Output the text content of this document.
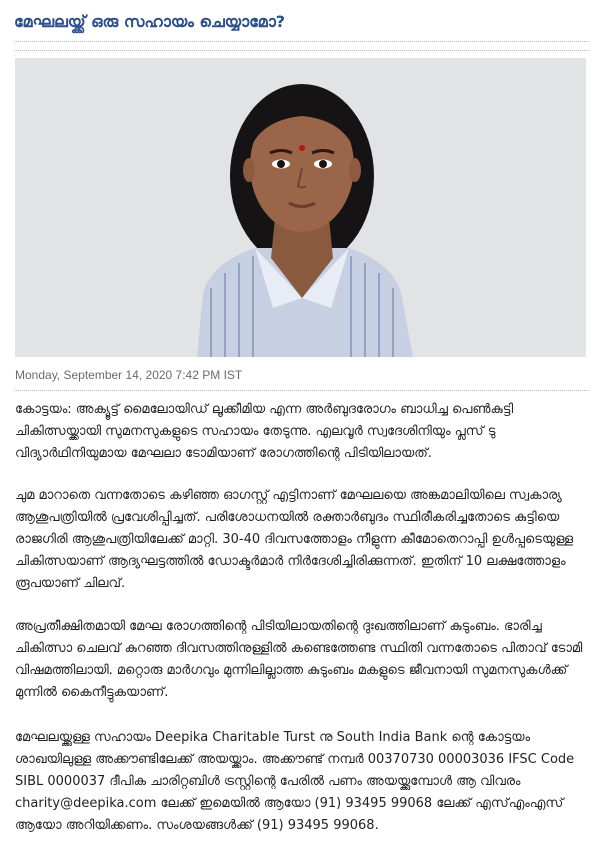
മേഘലയ്ക്ക് ഒരു സഹായം ചെയ്യാമോ?
Monday, September 14, 2020 7:42 PM IST

കോട്ടയം: അക്യൂട്ട് മൈലോയിഡ് ലൂക്കീമിയ എന്ന അർബുദരോഗം ബാധിച്ച പെൺകുട്ടി ചികിത്സയ്ക്കായി സുമനസുകളുടെ സഹായം തേടുന്നു. എലവൂർ സ്വദേശിനിയും പ്ലസ് ടു വിദ്യാർഥിനിയുമായ മേഘലാ ടോമിയാണ് രോഗത്തിന്റെ പിടിയിലായത്.

ചുമ മാറാതെ വന്നതോടെ കഴിഞ്ഞ ഓഗസ്റ്റ് എട്ടിനാണ് മേഘലയെ അങ്കമാലിയിലെ സ്വകാര്യ ആശുപത്രിയിൽ പ്രവേശിപ്പിച്ചത്. പരിശോധനയിൽ രക്താർബുദം സ്ഥിരീകരിച്ചതോടെ കുട്ടിയെ രാജഗിരി ആശുപത്രിയിലേക്ക് മാറ്റി. 30-40 ദിവസത്തോളം നീളുന്ന കീമോതെറാപ്പി ഉൾപ്പടെയുള്ള ചികിത്സയാണ് ആദ്യഘട്ടത്തിൽ ഡോക്ടർമാർ നിർദേശിച്ചിരിക്കുന്നത്. ഇതിന് 10 ലക്ഷത്തോളം രൂപയാണ് ചിലവ്.

അപ്രതീക്ഷിതമായി മേഘ രോഗത്തിന്റെ പിടിയിലായതിന്റെ ദുഃഖത്തിലാണ് കുടുംബം. ഭാരിച്ച ചികിത്സാ ചെലവ് കുറഞ്ഞ ദിവസത്തിനുള്ളിൽ കണ്ടെത്തേണ്ട സ്ഥിതി വന്നതോടെ പിതാവ് ടോമി വിഷമത്തിലായി. മറ്റൊരു മാർഗവും മുന്നിലില്ലാത്ത കുടുംബം മകളുടെ ജീവനായി സുമനസുകൾക്ക് മുന്നിൽ കൈനീട്ടുകയാണ്.

മേഘലയ്ക്കുള്ള സഹായം Deepika Charitable Turst നു South India Bank ന്റെ കോട്ടയം ശാഖയിലുള്ള അക്കൗണ്ടിലേക്ക് അയയ്ക്കാം. അക്കൗണ്ട് നമ്പർ 00370730 00003036 IFSC Code SIBL 0000037 ദീപിക ചാരിറ്റബിൾ ട്രസ്റ്റിന്റെ പേരിൽ പണം അയയ്ക്കുമ്പോൾ ആ വിവരം charity@deepika.com ലേക്ക് ഇമെയിൽ ആയോ (91) 93495 99068 ലേക്ക് എസ്എംഎസ് ആയോ അറിയിക്കണം. സംശയങ്ങൾക്ക് (91) 93495 99068.
